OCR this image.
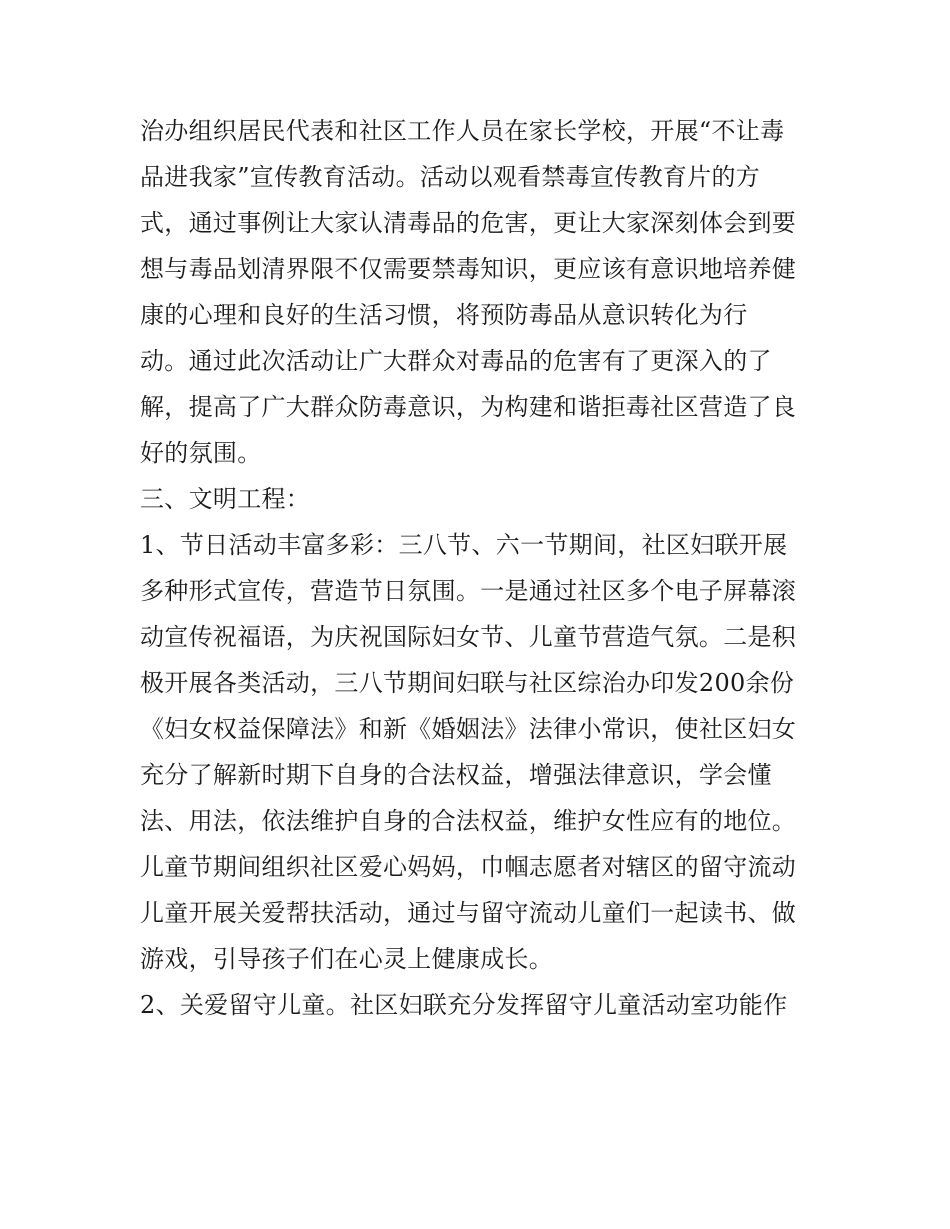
治办组织居民代表和社区工作人员在家长学校，开展“不让毒

品进我家”宣传教育活动。活动以观看禁毒宣传教育片的方

式，通过事例让大家认清毒品的危害，更让大家深刻体会到要

想与毒品划清界限不仅需要禁毒知识，更应该有意识地培养健

康的心理和良好的生活习惯，将预防毒品从意识转化为行

动。通过此次活动让广大群众对毒品的危害有了更深入的了

解，提高了广大群众防毒意识，为构建和谐拒毒社区营造了良

好的氛围。

三、文明工程：

1、节日活动丰富多彩：三八节、六一节期间，社区妇联开展

多种形式宣传，营造节日氛围。一是通过社区多个电子屏幕滚

动宣传祝福语，为庆祝国际妇女节、儿童节营造气氛。二是积

极开展各类活动，三八节期间妇联与社区综治办印发200余份

《妇女权益保障法》和新《婚姻法》法律小常识，使社区妇女

充分了解新时期下自身的合法权益，增强法律意识，学会懂

法、用法，依法维护自身的合法权益，维护女性应有的地位。

儿童节期间组织社区爱心妈妈，巾帼志愿者对辖区的留守流动

儿童开展关爱帮扶活动，通过与留守流动儿童们一起读书、做

游戏，引导孩子们在心灵上健康成长。

2、关爱留守儿童。社区妇联充分发挥留守儿童活动室功能作
